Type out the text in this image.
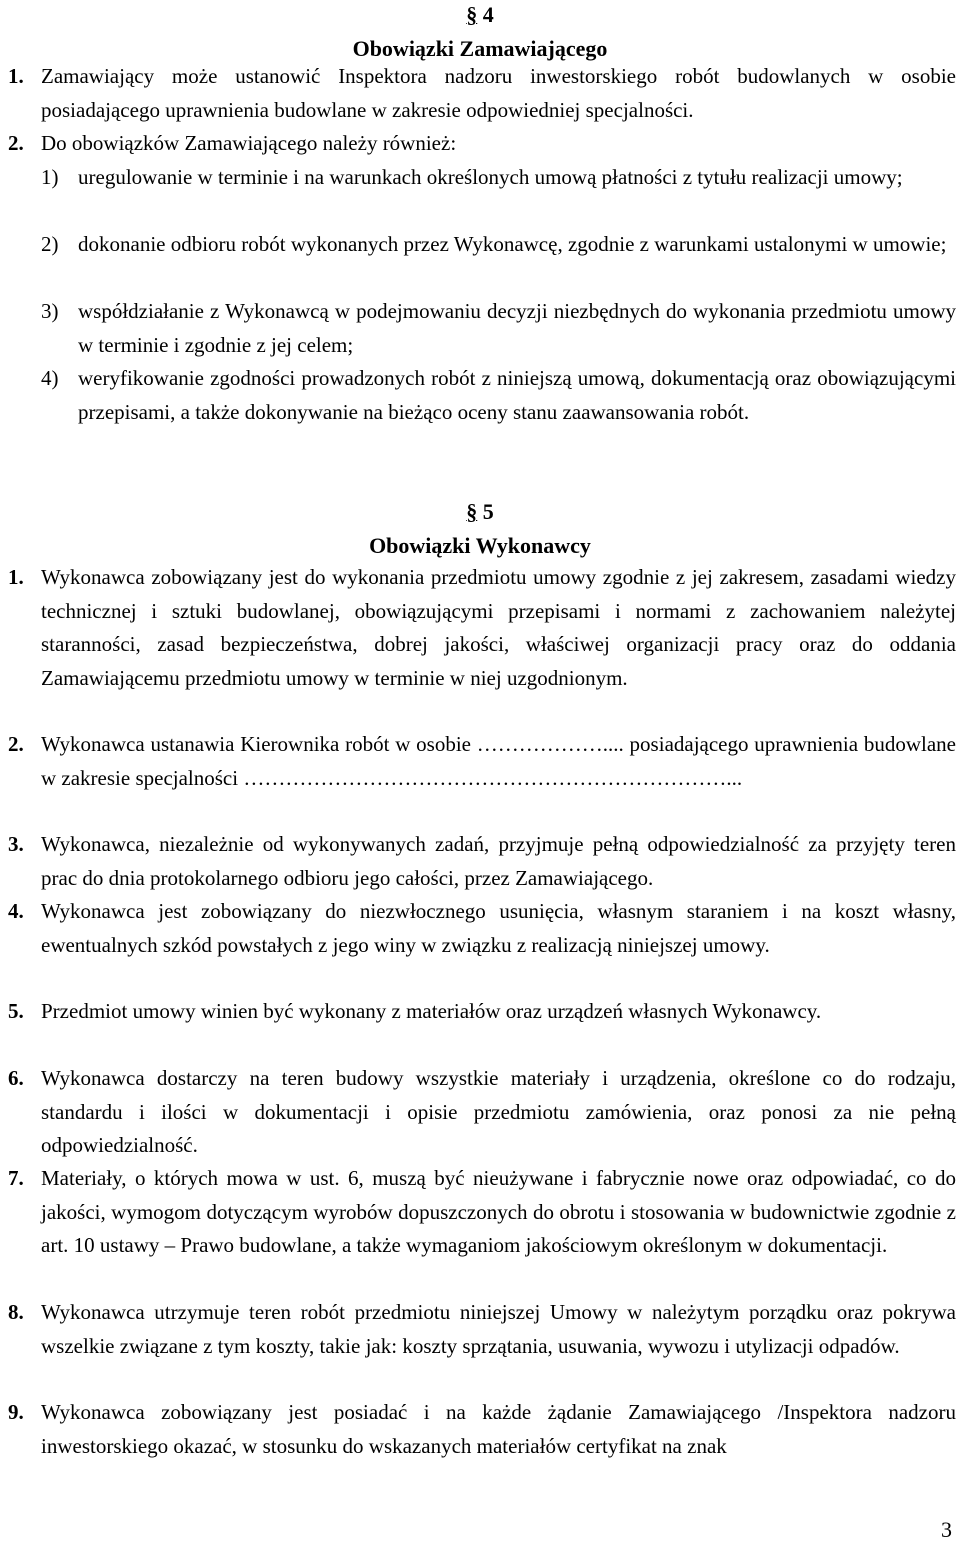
§ 4
Obowiązki Zamawiającego
1. Zamawiający może ustanowić Inspektora nadzoru inwestorskiego robót budowlanych w osobie posiadającego uprawnienia budowlane w zakresie odpowiedniej specjalności.
2. Do obowiązków Zamawiającego należy również:
1) uregulowanie w terminie i na warunkach określonych umową płatności z tytułu realizacji umowy;
2) dokonanie odbioru robót wykonanych przez Wykonawcę, zgodnie z warunkami ustalonymi w umowie;
3) współdziałanie z Wykonawcą w podejmowaniu decyzji niezbędnych do wykonania przedmiotu umowy w terminie i zgodnie z jej celem;
4) weryfikowanie zgodności prowadzonych robót z niniejszą umową, dokumentacją oraz obowiązującymi przepisami, a także dokonywanie na bieżąco oceny stanu zaawansowania robót.
§ 5
Obowiązki Wykonawcy
1. Wykonawca zobowiązany jest do wykonania przedmiotu umowy zgodnie z jej zakresem, zasadami wiedzy technicznej i sztuki budowlanej, obowiązującymi przepisami i normami z zachowaniem należytej staranności, zasad bezpieczeństwa, dobrej jakości, właściwej organizacji pracy oraz do oddania Zamawiającemu przedmiotu umowy w terminie w niej uzgodnionym.
2. Wykonawca ustanawia Kierownika robót w osobie ……………….... posiadającego uprawnienia budowlane w zakresie specjalności ……………………………………………………………...
3. Wykonawca, niezależnie od wykonywanych zadań, przyjmuje pełną odpowiedzialność za przyjęty teren prac do dnia protokolarnego odbioru jego całości, przez Zamawiającego.
4. Wykonawca jest zobowiązany do niezwłocznego usunięcia, własnym staraniem i na koszt własny, ewentualnych szkód powstałych z jego winy w związku z realizacją niniejszej umowy.
5. Przedmiot umowy winien być wykonany z materiałów oraz urządzeń własnych Wykonawcy.
6. Wykonawca dostarczy na teren budowy wszystkie materiały i urządzenia, określone co do rodzaju, standardu i ilości w dokumentacji i opisie przedmiotu zamówienia, oraz ponosi za nie pełną odpowiedzialność.
7. Materiały, o których mowa w ust. 6, muszą być nieużywane i fabrycznie nowe oraz odpowiadać, co do jakości, wymogom dotyczącym wyrobów dopuszczonych do obrotu i stosowania w budownictwie zgodnie z art. 10 ustawy – Prawo budowlane, a także wymaganiom jakościowym określonym w dokumentacji.
8. Wykonawca utrzymuje teren robót przedmiotu niniejszej Umowy w należytym porządku oraz pokrywa wszelkie związane z tym koszty, takie jak: koszty sprzątania, usuwania, wywozu i utylizacji odpadów.
9. Wykonawca zobowiązany jest posiadać i na każde żądanie Zamawiającego /Inspektora nadzoru inwestorskiego okazać, w stosunku do wskazanych materiałów certyfikat na znak
3
